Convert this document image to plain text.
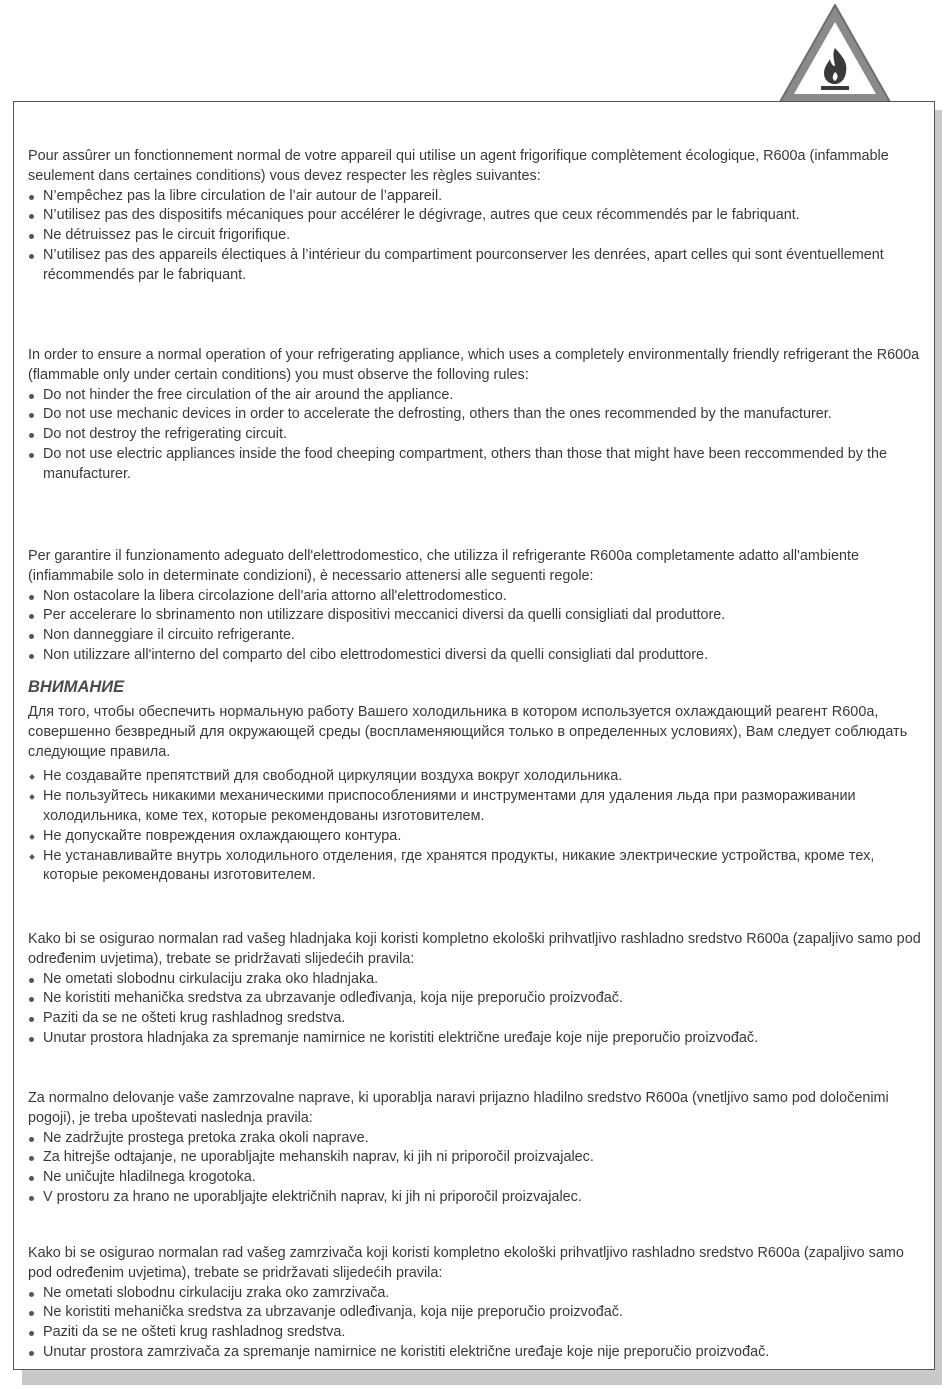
Pour assûrer un fonctionnement normal de votre appareil qui utilise un agent frigorifique complètement écologique, R600a (infammable seulement dans certaines conditions) vous devez respecter les règles suivantes:

N’empêchez pas la libre circulation de l’air autour de l’appareil.
N’utilisez pas des dispositifs mécaniques pour accélérer le dégivrage, autres que ceux récommendés par le fabriquant.
Ne détruissez pas le circuit frigorifique.
N’utilisez pas des appareils électiques à l’intérieur du compartiment pourconserver les denrées, apart celles qui sont éventuellement récommendés par le fabriquant.

In order to ensure a normal operation of your refrigerating appliance, which uses a completely environmentally friendly refrigerant the R600a (flammable only under certain conditions) you must observe the folloving rules:

Do not hinder the free circulation of the air around the appliance.
Do not use mechanic devices in order to accelerate the defrosting, others than the ones recommended by the manufacturer.
Do not destroy the refrigerating circuit.
Do not use electric appliances inside the food cheeping compartment, others than those that might have been reccommended by the manufacturer.

Per garantire il funzionamento adeguato dell'elettrodomestico, che utilizza il refrigerante R600a completamente adatto all'ambiente (infiammabile solo in determinate condizioni), è necessario attenersi alle seguenti regole:

Non ostacolare la libera circolazione dell'aria attorno all'elettrodomestico.
Per accelerare lo sbrinamento non utilizzare dispositivi meccanici diversi da quelli consigliati dal produttore.
Non danneggiare il circuito refrigerante.
Non utilizzare all'interno del comparto del cibo elettrodomestici diversi da quelli consigliati dal produttore.
ВНИМАНИЕ

Для того, чтобы обеспечить нормальную работу Вашего холодильника в котором используется охлаждающий реагент R600a, совершенно безвредный для окружающей среды (воспламеняющийся только в определенных условиях), Вам следует соблюдать следующие правила.

Не создавайте препятствий для свободной циркуляции воздуха вокруг холодильника.
Не пользуйтесь никакими механическими приспособлениями и инструментами для удаления льда при размораживании холодильника, коме тех, которые рекомендованы изготовителем.
Не допускайте повреждения охлаждающего контура.
Не устанавливайте внутрь холодильного отделения, где хранятся продукты, никакие электрические устройства, кроме тех, которые рекомендованы изготовителем.

Kako bi se osigurao normalan rad vašeg hladnjaka koji koristi kompletno ekološki prihvatljivo rashladno sredstvo R600a (zapaljivo samo pod određenim uvjetima), trebate se pridržavati slijedećih pravila:

Ne ometati slobodnu cirkulaciju zraka oko hladnjaka.
Ne koristiti mehanička sredstva za ubrzavanje odleđivanja, koja nije preporučio proizvođač.
Paziti da se ne ošteti krug rashladnog sredstva.
Unutar prostora hladnjaka za spremanje namirnice ne koristiti električne uređaje koje nije preporučio proizvođač.

Za normalno delovanje vaše zamrzovalne naprave, ki uporablja naravi prijazno hladilno sredstvo R600a (vnetljivo samo pod določenimi pogoji), je treba upoštevati naslednja pravila:

Ne zadržujte prostega pretoka zraka okoli naprave.
Za hitrejše odtajanje, ne uporabljajte mehanskih naprav, ki jih ni priporočil proizvajalec.
Ne uničujte hladilnega krogotoka.
V prostoru za hrano ne uporabljajte električnih naprav, ki jih ni priporočil proizvajalec.

Kako bi se osigurao normalan rad vašeg zamrzivača koji koristi kompletno ekološki prihvatljivo rashladno sredstvo R600a (zapaljivo samo pod određenim uvjetima), trebate se pridržavati slijedećih pravila:

Ne ometati slobodnu cirkulaciju zraka oko zamrzivača.
Ne koristiti mehanička sredstva za ubrzavanje odleđivanja, koja nije preporučio proizvođač.
Paziti da se ne ošteti krug rashladnog sredstva.
Unutar prostora zamrzivača za spremanje namirnice ne koristiti električne uređaje koje nije preporučio proizvođač.
